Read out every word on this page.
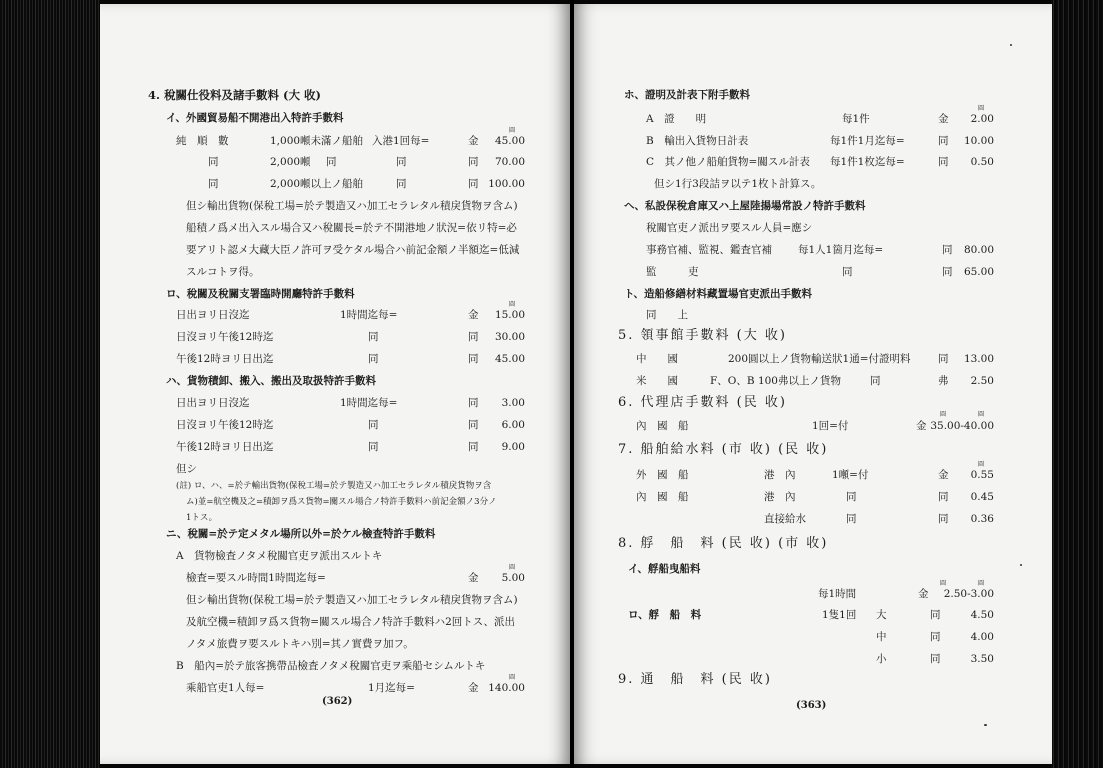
4. 稅關仕役料及諸手數料 (大 收)
イ、外國貿易船不開港出入特許手數料
圓
純　順　數	1,000噸未滿ノ船舶 入港1回每=	金	45.00
同	2,000噸 同	同	同	70.00
同	2,000噸以上ノ船舶	同	同 100.00
但シ輸出貨物(保稅工場=於テ製造又ハ加工セラレタル積戾貨物ヲ含ム)
船積ノ爲メ出入スル場合又ハ稅關長=於テ不開港地ノ狀況=依リ特=必
要アリト認メ大藏大臣ノ許可ヲ受ケタル場合ハ前記金額ノ半額迄=低減
スルコトヲ得。
ロ、稅關及稅關支署臨時開廳特許手數料
圓
日出ヨリ日沒迄	1時間迄每=	金	15.00
日沒ヨリ午後12時迄	同	同	30.00
午後12時ヨリ日出迄	同	同	45.00
ハ、貨物積卸、搬入、搬出及取扱特許手數料
日出ヨリ日沒迄	1時間迄每=	同	3.00
日沒ヨリ午後12時迄	同	同	6.00
午後12時ヨリ日出迄	同	同	9.00
但シ
(註) ロ、ハ、=於テ輸出貨物(保稅工場=於テ製造又ハ加工セラレタル積戾貨物ヲ含
ム)並=航空機及之=積卸ヲ爲ス貨物=關スル場合ノ特許手數料ハ前記金額ノ3分ノ
1トス。
ニ、稅關=於テ定メタル場所以外=於ケル檢査特許手數料
A　貨物檢査ノタメ稅關官吏ヲ派出スルトキ
圓
檢査=要スル時間1時間迄每=	金	5.00
但シ輸出貨物(保稅工場=於テ製造又ハ加工セラレタル積戾貨物ヲ含ム)
及航空機=積卸ヲ爲ス貨物=關スル場合ノ特許手數料ハ2回トス、派出
ノタメ旅費ヲ要スルトキハ別=其ノ實費ヲ加フ。
B　船內=於テ旅客携帶品檢査ノタメ稅關官吏ヲ乘船セシムルトキ
圓
乘船官吏1人每=	1月迄每=	金 140.00
(362)
ホ、證明及計表下附手數料
圓
A　證　　明	每1件	金	2.00
B　輸出入貨物日計表	每1件1月迄每=	同	10.00
C　其ノ他ノ船舶貨物=關スル計表 每1件1枚迄每=	同	0.50
但シ1行3段詰ヲ以テ1枚ト計算ス。
ヘ、私設保稅倉庫又ハ上屋陸揚場常設ノ特許手數料
稅關官吏ノ派出ヲ要スル人員=應シ
事務官補、監視、鑑査官補 每1人1箇月迄每=	同	80.00
監　　　吏	同	同	65.00
ト、造船修繕材料藏置場官吏派出手數料
同　　上
5. 領事館手數料 (大 收)
中　　國	200圓以上ノ貨物輸送狀1通=付證明料	同	13.00
米　　國	F、O、B 100弗以上ノ貨物	同	弗	2.50
6. 代理店手數料 (民 收)
圓	圓
內　國　船	1回=付	金 35.00-40.00
7. 船舶給水料 (市 收) (民 收)
圓
外　國　船	港　內	1噸=付	金	0.55
內　國　船	港　內	同	同	0.45
直接給水	同	同	0.36
8. 艀　船　料 (民 收) (市 收)
イ、艀船曳船料
圓	圓
每1時間	金	2.50-3.00
ロ、艀　船　料	1隻1回 大	同	4.50
中	同	4.00
小	同	3.50
9. 通　船　料 (民 收)
(363)
